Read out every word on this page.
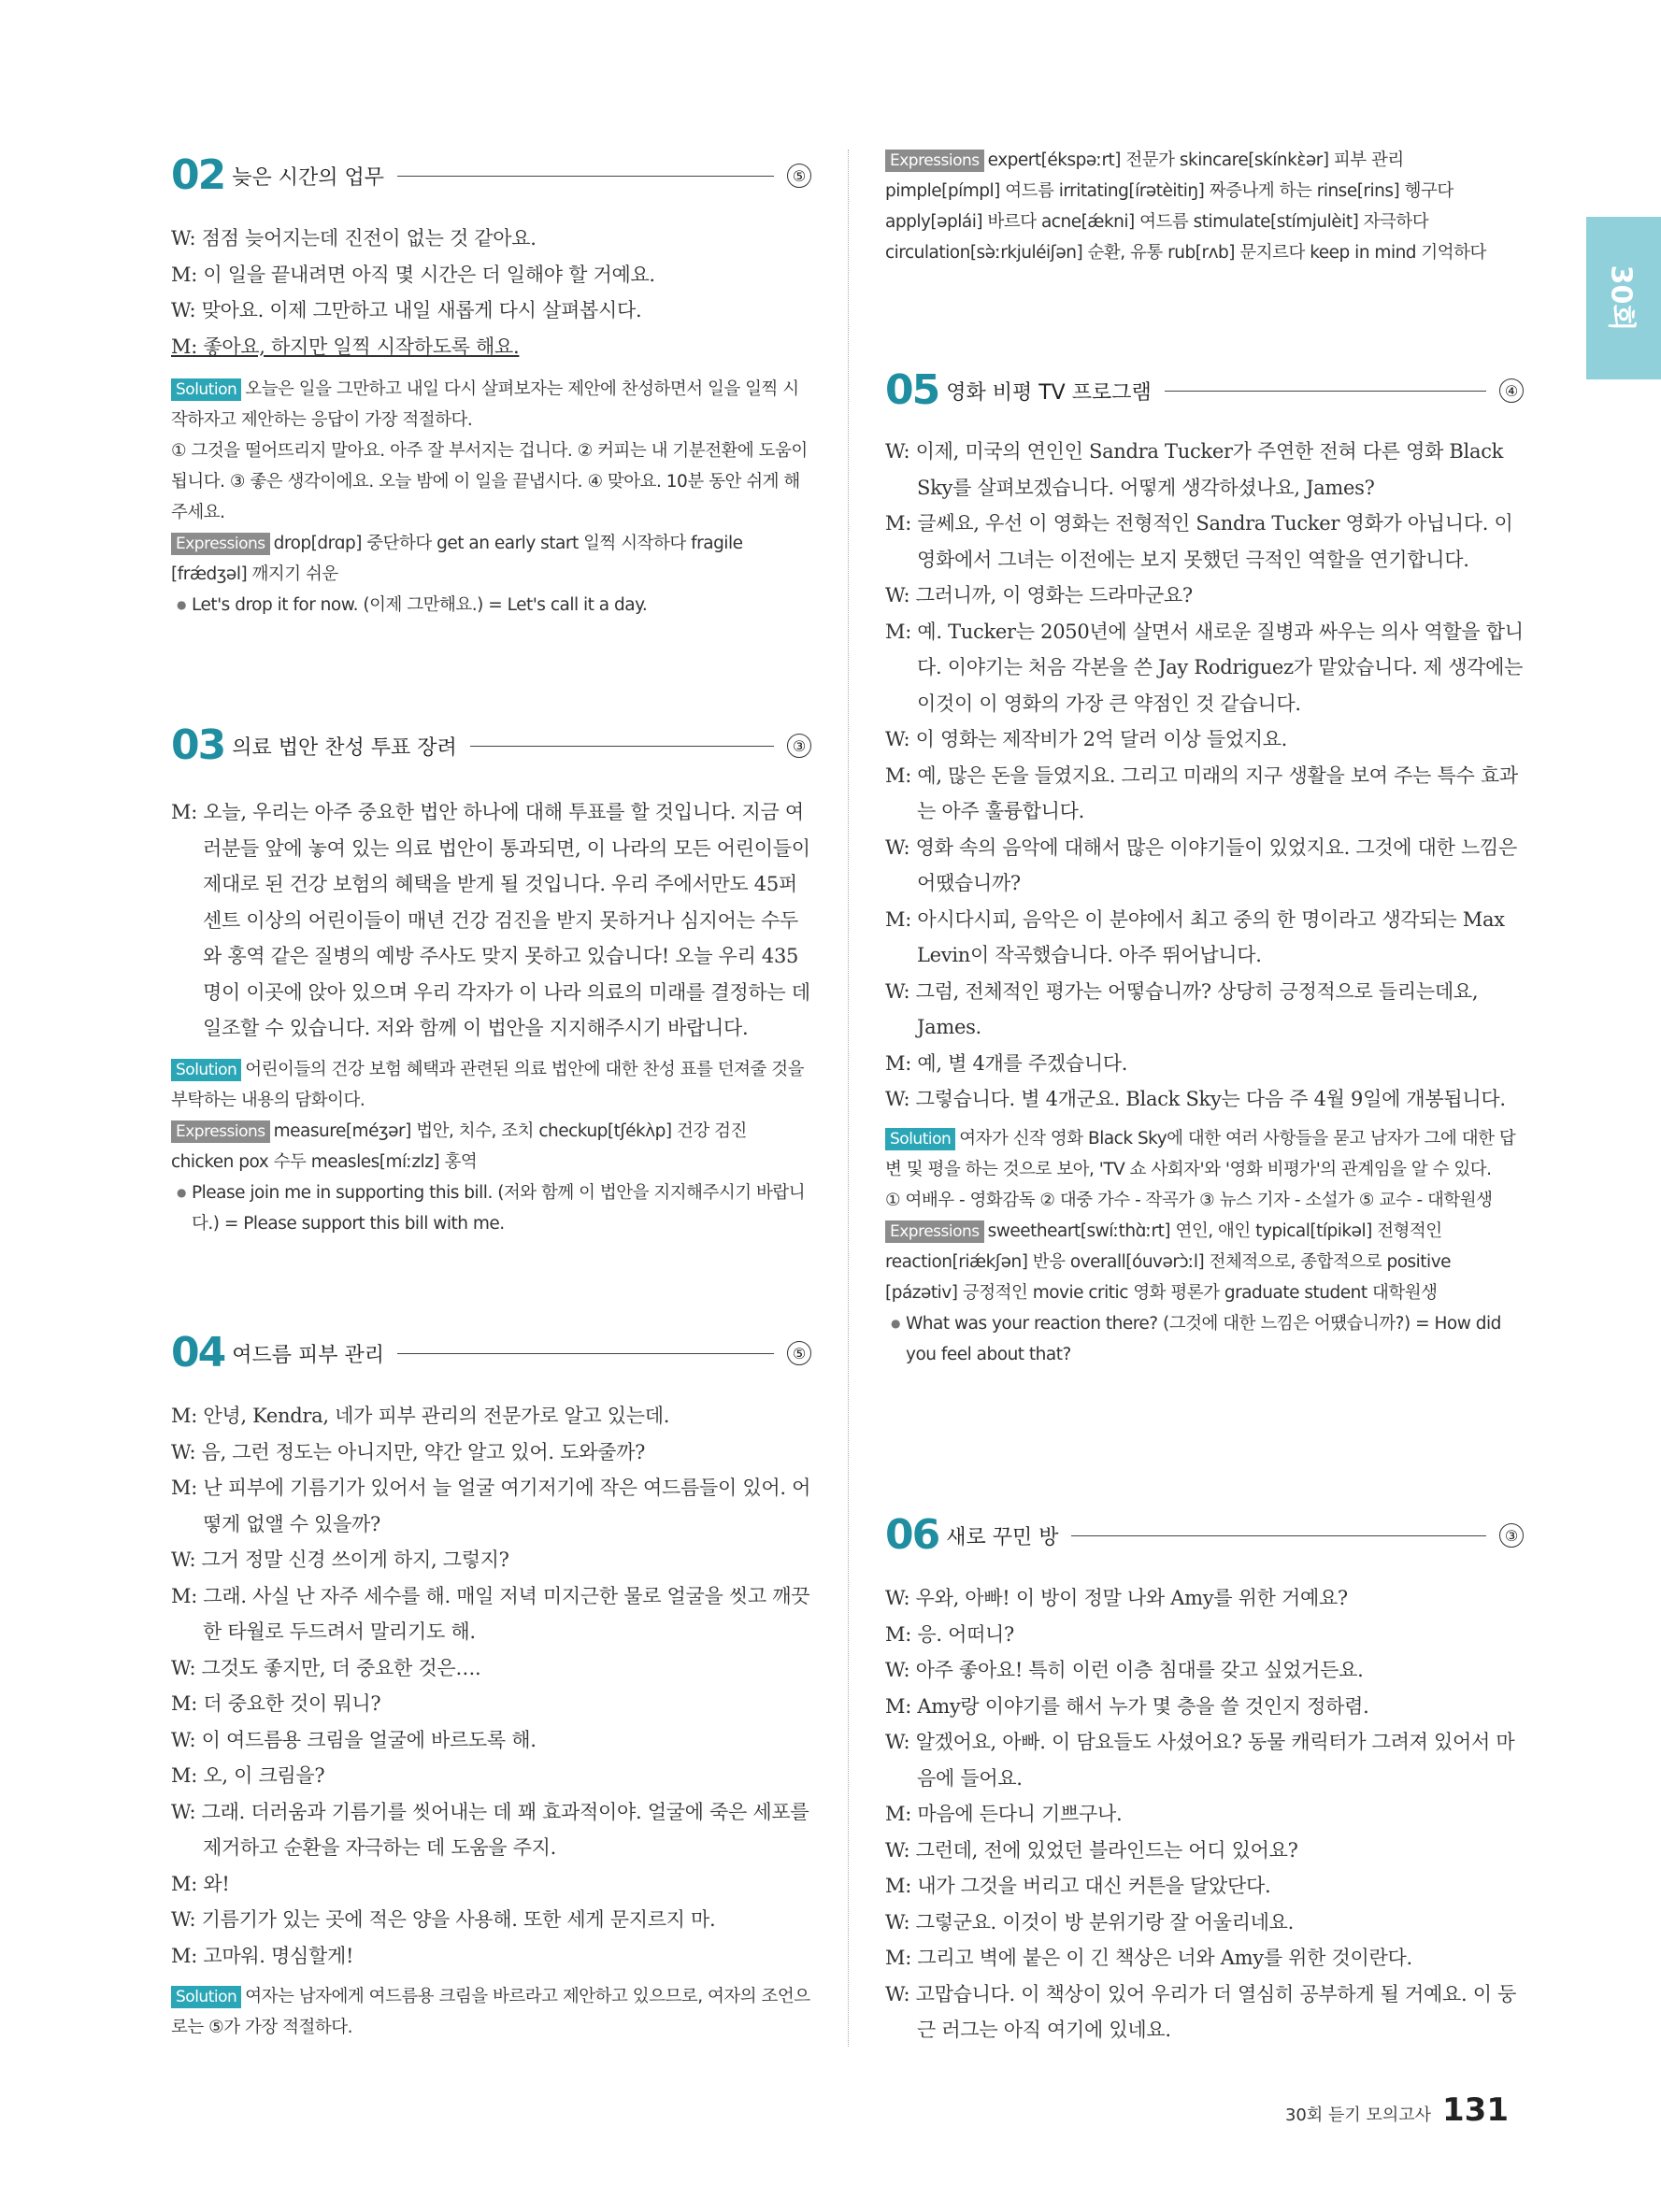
30회
02 늦은 시간의 업무	⑤
W: 점점 늦어지는데 진전이 없는 것 같아요.
M: 이 일을 끝내려면 아직 몇 시간은 더 일해야 할 거예요.
W: 맞아요. 이제 그만하고 내일 새롭게 다시 살펴봅시다.
M: 좋아요, 하지만 일찍 시작하도록 해요.
Solution 오늘은 일을 그만하고 내일 다시 살펴보자는 제안에 찬성하면서 일을 일찍 시작하자고 제안하는 응답이 가장 적절하다.
① 그것을 떨어뜨리지 말아요. 아주 잘 부서지는 겁니다. ② 커피는 내 기분전환에 도움이 됩니다. ③ 좋은 생각이에요. 오늘 밤에 이 일을 끝냅시다. ④ 맞아요. 10분 동안 쉬게 해 주세요.
Expressions drop[drɑp] 중단하다 get an early start 일찍 시작하다 fragile [frǽdʒəl] 깨지기 쉬운
● Let's drop it for now. (이제 그만해요.) = Let's call it a day.
03 의료 법안 찬성 투표 장려	③
M: 오늘, 우리는 아주 중요한 법안 하나에 대해 투표를 할 것입니다. 지금 여러분들 앞에 놓여 있는 의료 법안이 통과되면, 이 나라의 모든 어린이들이 제대로 된 건강 보험의 혜택을 받게 될 것입니다. 우리 주에서만도 45퍼센트 이상의 어린이들이 매년 건강 검진을 받지 못하거나 심지어는 수두와 홍역 같은 질병의 예방 주사도 맞지 못하고 있습니다! 오늘 우리 435명이 이곳에 앉아 있으며 우리 각자가 이 나라 의료의 미래를 결정하는 데 일조할 수 있습니다. 저와 함께 이 법안을 지지해주시기 바랍니다.
Solution 어린이들의 건강 보험 혜택과 관련된 의료 법안에 대한 찬성 표를 던져줄 것을 부탁하는 내용의 담화이다.
Expressions measure[méʒər] 법안, 치수, 조치 checkup[tʃékʌ̀p] 건강 검진 chicken pox 수두 measles[míːzlz] 홍역
● Please join me in supporting this bill. (저와 함께 이 법안을 지지해주시기 바랍니다.) = Please support this bill with me.
04 여드름 피부 관리	⑤
M: 안녕, Kendra, 네가 피부 관리의 전문가로 알고 있는데.
W: 음, 그런 정도는 아니지만, 약간 알고 있어. 도와줄까?
M: 난 피부에 기름기가 있어서 늘 얼굴 여기저기에 작은 여드름들이 있어. 어떻게 없앨 수 있을까?
W: 그거 정말 신경 쓰이게 하지, 그렇지?
M: 그래. 사실 난 자주 세수를 해. 매일 저녁 미지근한 물로 얼굴을 씻고 깨끗한 타월로 두드려서 말리기도 해.
W: 그것도 좋지만, 더 중요한 것은….
M: 더 중요한 것이 뭐니?
W: 이 여드름용 크림을 얼굴에 바르도록 해.
M: 오, 이 크림을?
W: 그래. 더러움과 기름기를 씻어내는 데 꽤 효과적이야. 얼굴에 죽은 세포를 제거하고 순환을 자극하는 데 도움을 주지.
M: 와!
W: 기름기가 있는 곳에 적은 양을 사용해. 또한 세게 문지르지 마.
M: 고마워. 명심할게!
Solution 여자는 남자에게 여드름용 크림을 바르라고 제안하고 있으므로, 여자의 조언으로는 ⑤가 가장 적절하다.
Expressions expert[ékspəːrt] 전문가 skincare[skínkɛ̀ər] 피부 관리 pimple[pímpl] 여드름 irritating[írətèitiŋ] 짜증나게 하는 rinse[rins] 헹구다 apply[əplái] 바르다 acne[ǽkni] 여드름 stimulate[stímjulèit] 자극하다 circulation[sə̀ːrkjuléiʃən] 순환, 유통 rub[rʌb] 문지르다 keep in mind 기억하다
05 영화 비평 TV 프로그램	④
W: 이제, 미국의 연인인 Sandra Tucker가 주연한 전혀 다른 영화 Black Sky를 살펴보겠습니다. 어떻게 생각하셨나요, James?
M: 글쎄요, 우선 이 영화는 전형적인 Sandra Tucker 영화가 아닙니다. 이 영화에서 그녀는 이전에는 보지 못했던 극적인 역할을 연기합니다.
W: 그러니까, 이 영화는 드라마군요?
M: 예. Tucker는 2050년에 살면서 새로운 질병과 싸우는 의사 역할을 합니다. 이야기는 처음 각본을 쓴 Jay Rodriguez가 맡았습니다. 제 생각에는 이것이 이 영화의 가장 큰 약점인 것 같습니다.
W: 이 영화는 제작비가 2억 달러 이상 들었지요.
M: 예, 많은 돈을 들였지요. 그리고 미래의 지구 생활을 보여 주는 특수 효과는 아주 훌륭합니다.
W: 영화 속의 음악에 대해서 많은 이야기들이 있었지요. 그것에 대한 느낌은 어땠습니까?
M: 아시다시피, 음악은 이 분야에서 최고 중의 한 명이라고 생각되는 Max Levin이 작곡했습니다. 아주 뛰어납니다.
W: 그럼, 전체적인 평가는 어떻습니까? 상당히 긍정적으로 들리는데요, James.
M: 예, 별 4개를 주겠습니다.
W: 그렇습니다. 별 4개군요. Black Sky는 다음 주 4월 9일에 개봉됩니다.
Solution 여자가 신작 영화 Black Sky에 대한 여러 사항들을 묻고 남자가 그에 대한 답변 및 평을 하는 것으로 보아, 'TV 쇼 사회자'와 '영화 비평가'의 관계임을 알 수 있다.
① 여배우 - 영화감독 ② 대중 가수 - 작곡가 ③ 뉴스 기자 - 소설가 ⑤ 교수 - 대학원생
Expressions sweetheart[swíːthɑ̀ːrt] 연인, 애인 typical[típikəl] 전형적인 reaction[riǽkʃən] 반응 overall[óuvərɔ̀ːl] 전체적으로, 종합적으로 positive [pázətiv] 긍정적인 movie critic 영화 평론가 graduate student 대학원생
● What was your reaction there? (그것에 대한 느낌은 어떘습니까?) = How did you feel about that?
06 새로 꾸민 방	③
W: 우와, 아빠! 이 방이 정말 나와 Amy를 위한 거예요?
M: 응. 어떠니?
W: 아주 좋아요! 특히 이런 이층 침대를 갖고 싶었거든요.
M: Amy랑 이야기를 해서 누가 몇 층을 쓸 것인지 정하렴.
W: 알겠어요, 아빠. 이 담요들도 사셨어요? 동물 캐릭터가 그려져 있어서 마음에 들어요.
M: 마음에 든다니 기쁘구나.
W: 그런데, 전에 있었던 블라인드는 어디 있어요?
M: 내가 그것을 버리고 대신 커튼을 달았단다.
W: 그렇군요. 이것이 방 분위기랑 잘 어울리네요.
M: 그리고 벽에 붙은 이 긴 책상은 너와 Amy를 위한 것이란다.
W: 고맙습니다. 이 책상이 있어 우리가 더 열심히 공부하게 될 거예요. 이 둥근 러그는 아직 여기에 있네요.
30회 듣기 모의고사 131
